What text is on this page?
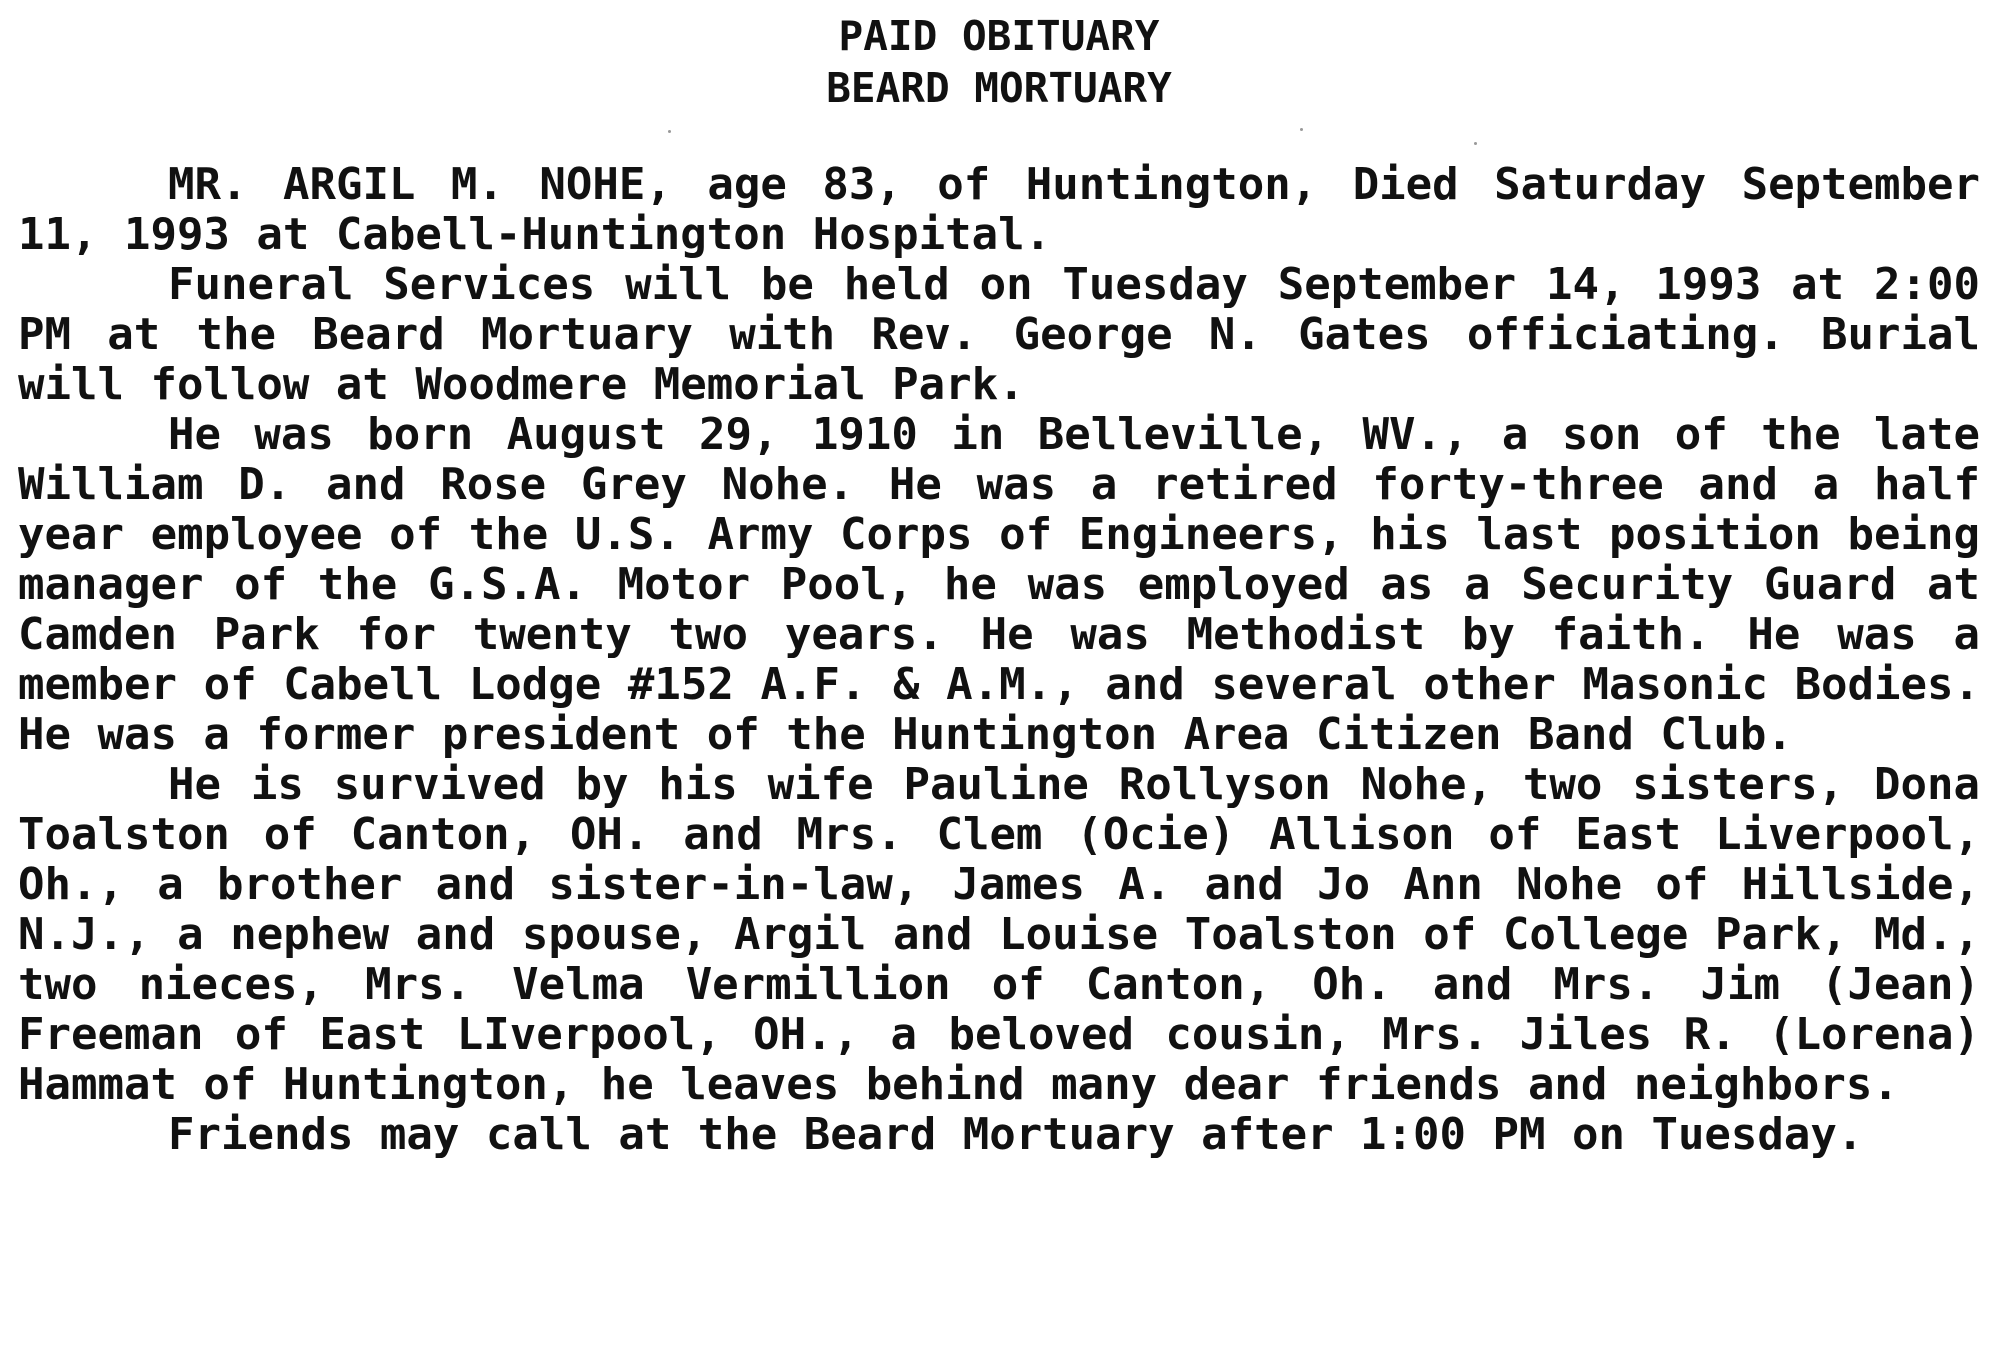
PAID OBITUARY
BEARD MORTUARY

MR. ARGIL M. NOHE, age 83, of Huntington, Died Saturday September 11, 1993 at Cabell-Huntington Hospital.

Funeral Services will be held on Tuesday September 14, 1993 at 2:00 PM at the Beard Mortuary with Rev. George N. Gates officiating. Burial will follow at Woodmere Memorial Park.

He was born August 29, 1910 in Belleville, WV., a son of the late William D. and Rose Grey Nohe. He was a retired forty-three and a half year employee of the U.S. Army Corps of Engineers, his last position being manager of the G.S.A. Motor Pool, he was employed as a Security Guard at Camden Park for twenty two years. He was Methodist by faith. He was a member of Cabell Lodge #152 A.F. & A.M., and several other Masonic Bodies. He was a former president of the Huntington Area Citizen Band Club.

He is survived by his wife Pauline Rollyson Nohe, two sisters, Dona Toalston of Canton, OH. and Mrs. Clem (Ocie) Allison of East Liverpool, Oh., a brother and sister-in-law, James A. and Jo Ann Nohe of Hillside, N.J., a nephew and spouse, Argil and Louise Toalston of College Park, Md., two nieces, Mrs. Velma Vermillion of Canton, Oh. and Mrs. Jim (Jean) Freeman of East LIverpool, OH., a beloved cousin, Mrs. Jiles R. (Lorena) Hammat of Huntington, he leaves behind many dear friends and neighbors.

Friends may call at the Beard Mortuary after 1:00 PM on Tuesday.
